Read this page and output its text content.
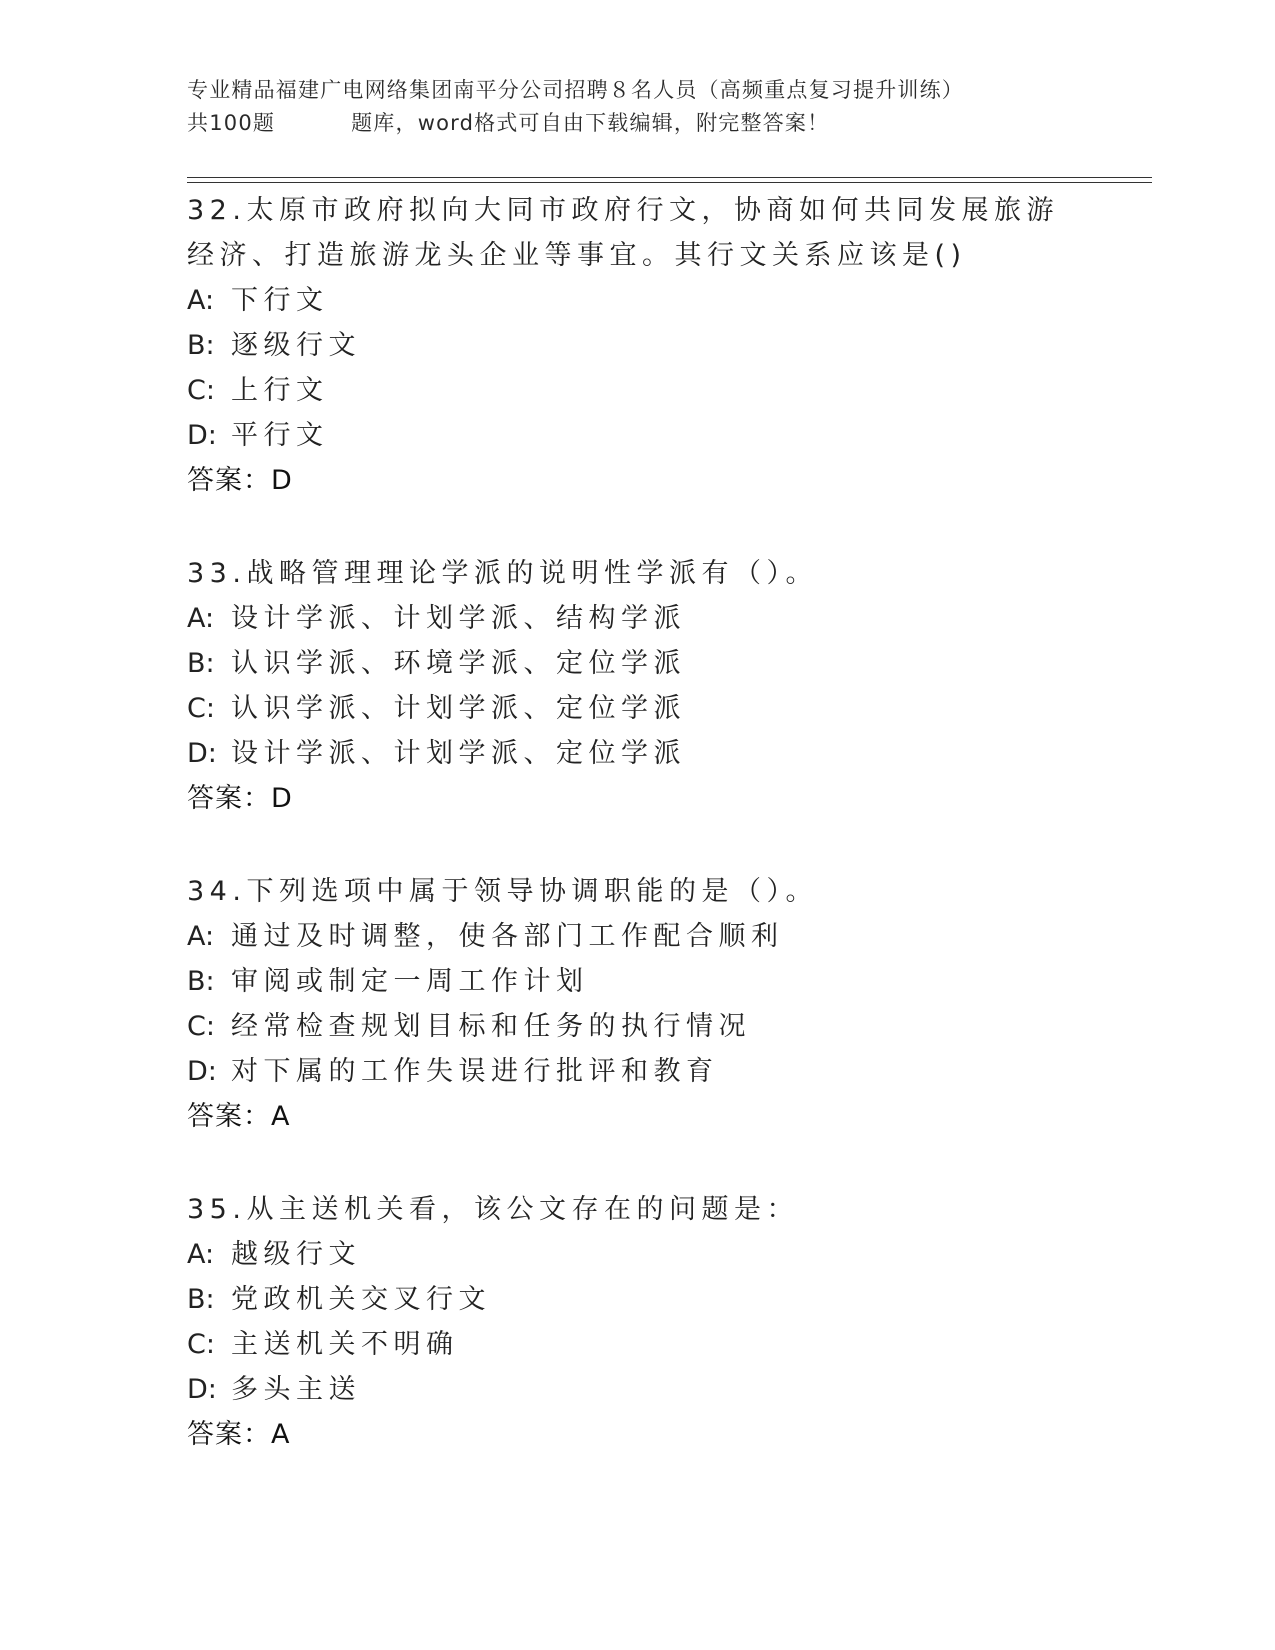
专业精品福建广电网络集团南平分公司招聘８名人员（高频重点复习提升训练）
共100题	题库，word格式可自由下载编辑，附完整答案！

32.太原市政府拟向大同市政府行文，协商如何共同发展旅游经济、打造旅游龙头企业等事宜。其行文关系应该是()

A: 下行文

B: 逐级行文

C: 上行文

D: 平行文

答案：D

33.战略管理理论学派的说明性学派有（）。

A: 设计学派、计划学派、结构学派

B: 认识学派、环境学派、定位学派

C: 认识学派、计划学派、定位学派

D: 设计学派、计划学派、定位学派

答案：D

34.下列选项中属于领导协调职能的是（）。

A: 通过及时调整，使各部门工作配合顺利

B: 审阅或制定一周工作计划

C: 经常检查规划目标和任务的执行情况

D: 对下属的工作失误进行批评和教育

答案：A

35.从主送机关看，该公文存在的问题是：

A: 越级行文

B: 党政机关交叉行文

C: 主送机关不明确

D: 多头主送

答案：A
